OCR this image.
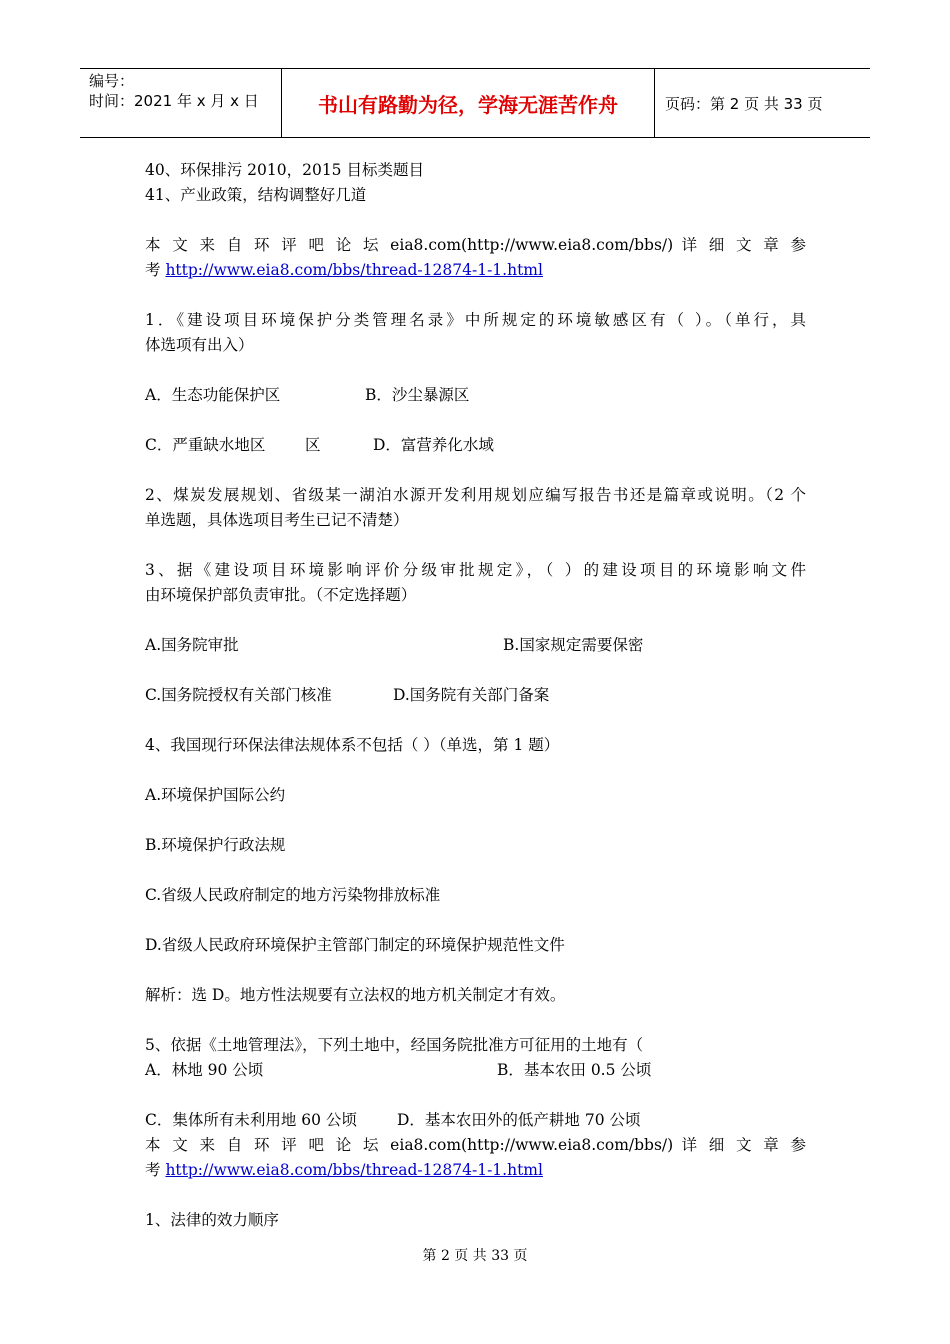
编号：
时间：2021 年 x 月 x 日	书山有路勤为径，学海无涯苦作舟	页码：第 2 页 共 33 页

40、环保排污 2010，2015 目标类题目

41、产业政策，结构调整好几道

本 文 来 自 环 评 吧 论 坛 eia8.com(http://www.eia8.com/bbs/) 详 细 文 章 参

考 http://www.eia8.com/bbs/thread-12874-1-1.html

1．《建设项目环境保护分类管理名录》中所规定的环境敏感区有（ ）。（单行，具

体选项有出入）

A．生态功能保护区	B．沙尘暴源区
C．严重缺水地区	区	D．富营养化水域

2、煤炭发展规划、省级某一湖泊水源开发利用规划应编写报告书还是篇章或说明。（2 个

单选题，具体选项目考生已记不清楚）

3、据《建设项目环境影响评价分级审批规定》，（ ）的建设项目的环境影响文件

由环境保护部负责审批。（不定选择题）

A.国务院审批	B.国家规定需要保密
C.国务院授权有关部门核准	D.国务院有关部门备案

4、我国现行环保法律法规体系不包括（ ）（单选，第 1 题）

A.环境保护国际公约

B.环境保护行政法规

C.省级人民政府制定的地方污染物排放标准

D.省级人民政府环境保护主管部门制定的环境保护规范性文件

解析：选 D。地方性法规要有立法权的地方机关制定才有效。

5、依据《土地管理法》，下列土地中，经国务院批准方可征用的土地有（

A．林地 90 公顷	B．基本农田 0.5 公顷
C．集体所有未利用地 60 公顷	D．基本农田外的低产耕地 70 公顷

本 文 来 自 环 评 吧 论 坛 eia8.com(http://www.eia8.com/bbs/) 详 细 文 章 参

考 http://www.eia8.com/bbs/thread-12874-1-1.html

1、法律的效力顺序

第 2 页 共 33 页
